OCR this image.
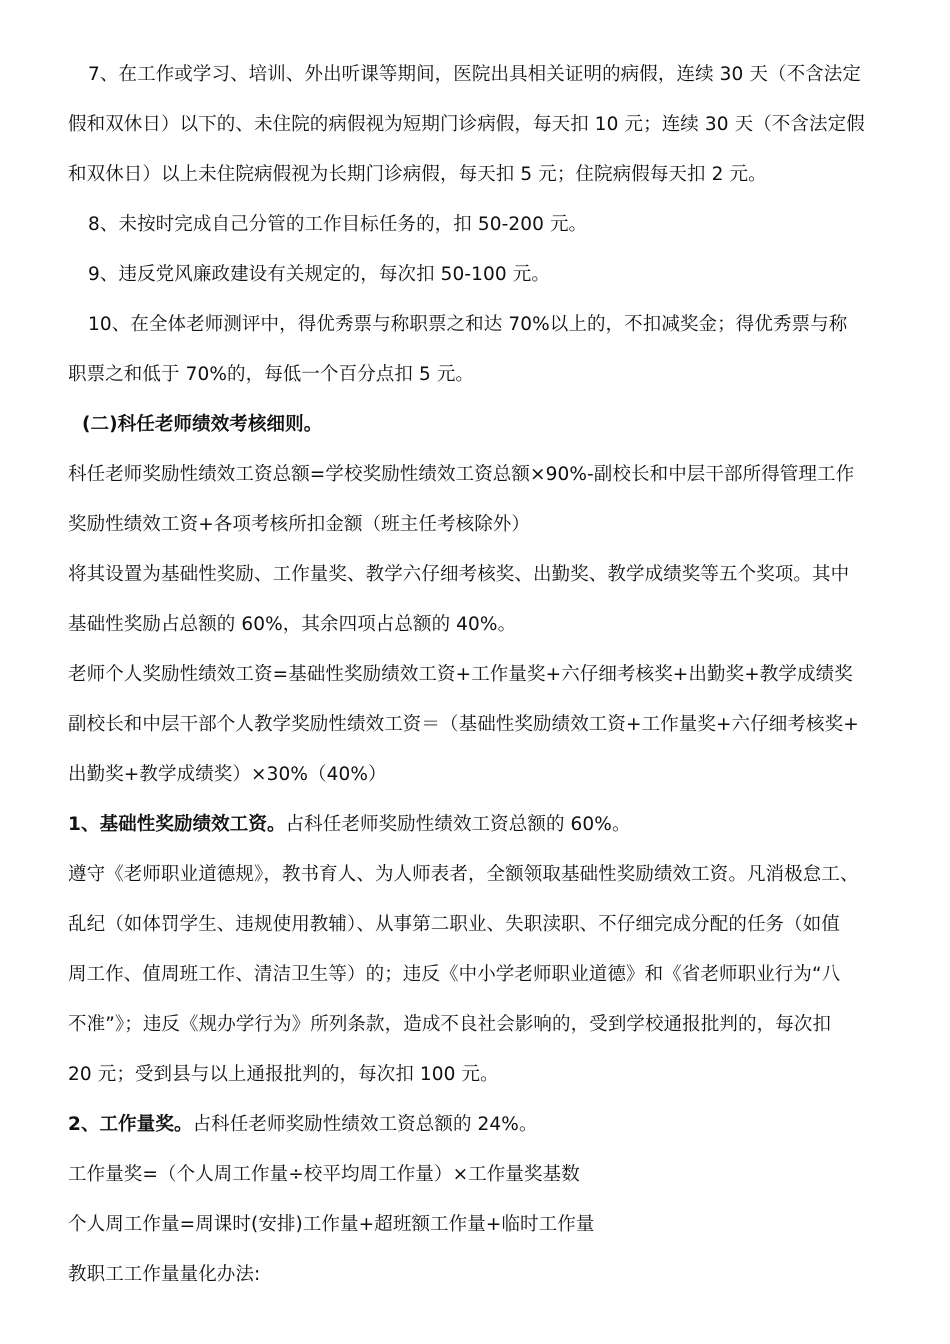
7、在工作或学习、培训、外出听课等期间，医院出具相关证明的病假，连续 30 天（不含法定
假和双休日）以下的、未住院的病假视为短期门诊病假，每天扣 10 元；连续 30 天（不含法定假
和双休日）以上未住院病假视为长期门诊病假，每天扣 5 元；住院病假每天扣 2 元。
8、未按时完成自己分管的工作目标任务的，扣 50-200 元。
9、违反党风廉政建设有关规定的，每次扣 50-100 元。
10、在全体老师测评中，得优秀票与称职票之和达 70%以上的，不扣减奖金；得优秀票与称
职票之和低于 70%的，每低一个百分点扣 5 元。
(二)科任老师绩效考核细则。
科任老师奖励性绩效工资总额=学校奖励性绩效工资总额×90%-副校长和中层干部所得管理工作
奖励性绩效工资+各项考核所扣金额（班主任考核除外）
将其设置为基础性奖励、工作量奖、教学六仔细考核奖、出勤奖、教学成绩奖等五个奖项。其中
基础性奖励占总额的 60%，其余四项占总额的 40%。
老师个人奖励性绩效工资=基础性奖励绩效工资+工作量奖+六仔细考核奖+出勤奖+教学成绩奖
副校长和中层干部个人教学奖励性绩效工资＝（基础性奖励绩效工资+工作量奖+六仔细考核奖+
出勤奖+教学成绩奖）×30%（40%）
1、基础性奖励绩效工资。占科任老师奖励性绩效工资总额的 60%。
遵守《老师职业道德规》，教书育人、为人师表者，全额领取基础性奖励绩效工资。凡消极怠工、
乱纪（如体罚学生、违规使用教辅）、从事第二职业、失职渎职、不仔细完成分配的任务（如值
周工作、值周班工作、清洁卫生等）的；违反《中小学老师职业道德》和《省老师职业行为“八
不准”》；违反《规办学行为》所列条款，造成不良社会影响的，受到学校通报批判的，每次扣
20 元；受到县与以上通报批判的，每次扣 100 元。
2、工作量奖。占科任老师奖励性绩效工资总额的 24%。
工作量奖=（个人周工作量÷校平均周工作量）×工作量奖基数
个人周工作量=周课时(安排)工作量+超班额工作量+临时工作量
教职工工作量量化办法:
